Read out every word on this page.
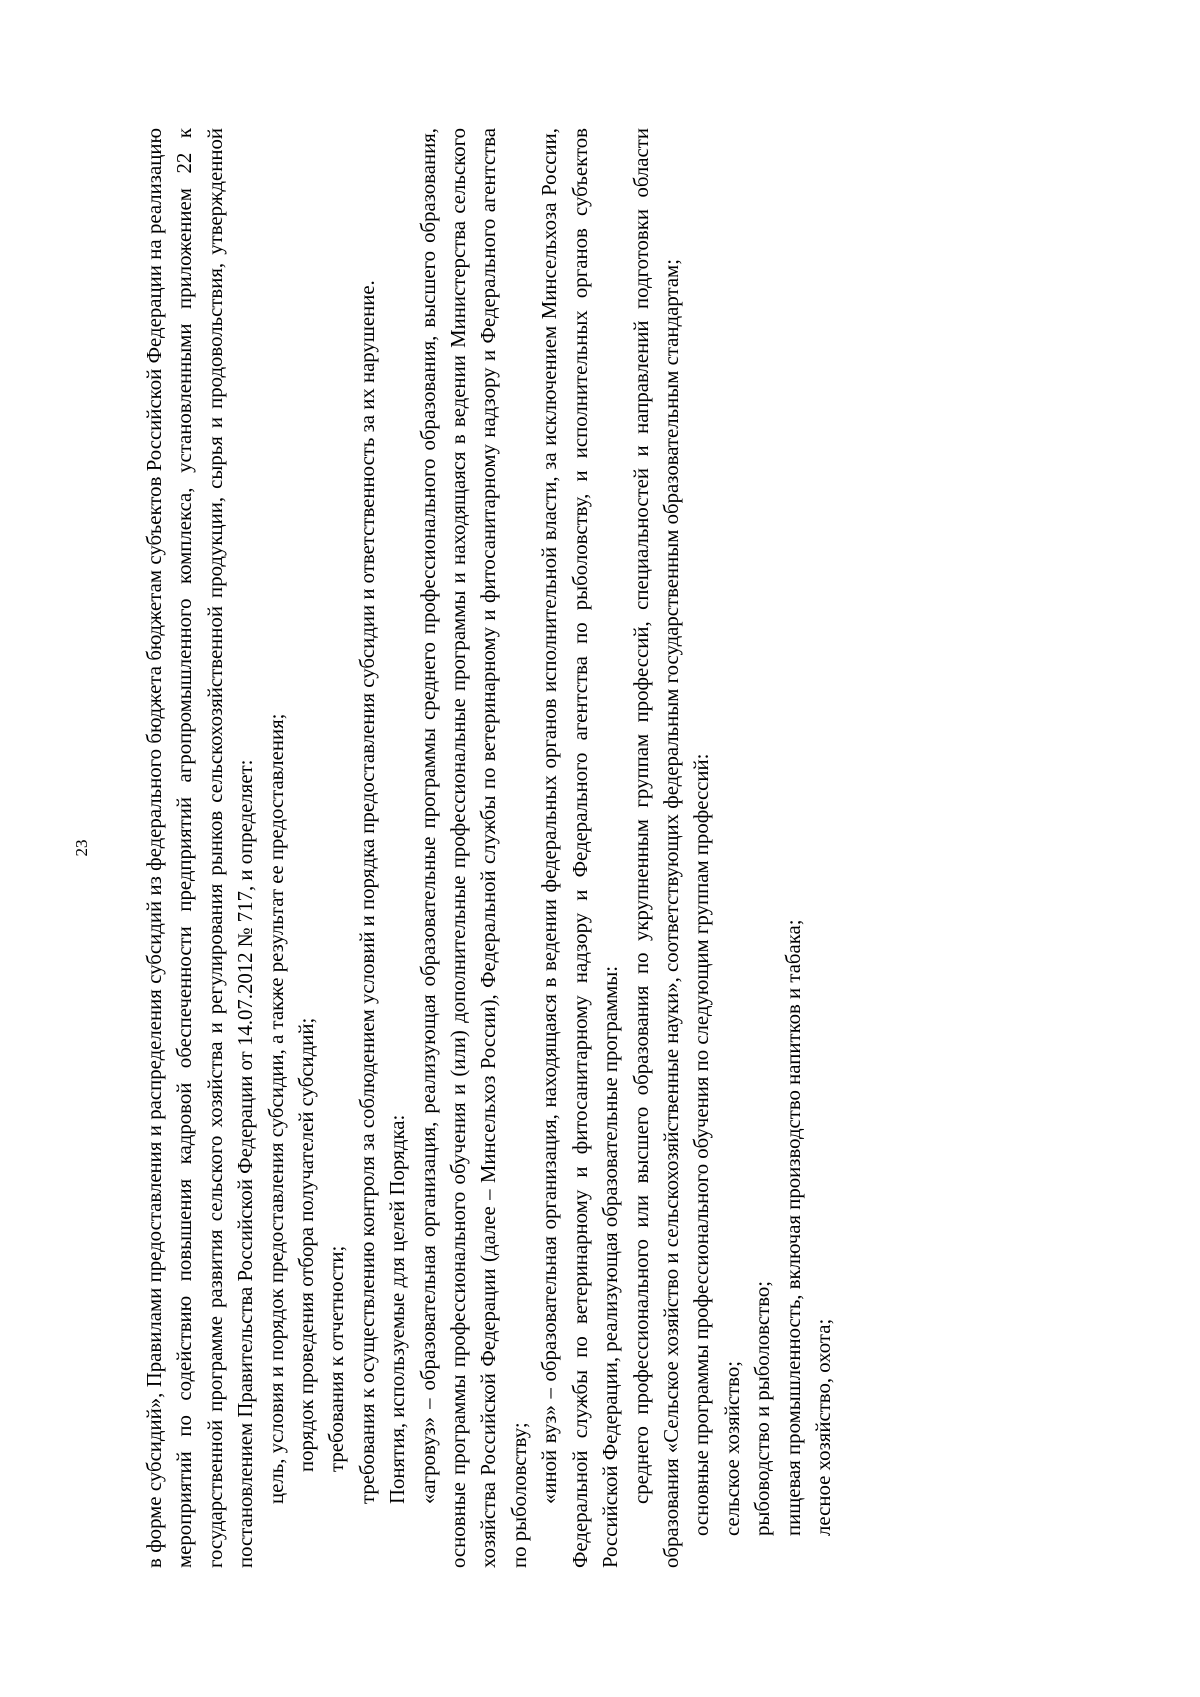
23	в форме субсидий», Правилами предоставления и распределения субсидий из федерального бюджета бюджетам субъектов Российской Федерации на реализацию мероприятий по содействию повышения кадровой обеспеченности предприятий агропромышленного комплекса, установленными приложением 22 к государственной программе развития сельского хозяйства и регулирования рынков сельскохозяйственной продукции, сырья и продовольствия, утвержденной постановлением Правительства Российской Федерации от 14.07.2012 № 717, и определяет: цель, условия и порядок предоставления субсидии, а также результат ее предоставления; порядок проведения отбора получателей субсидий; требования к отчетности; требования к осуществлению контроля за соблюдением условий и порядка предоставления субсидии и ответственность за их нарушение. Понятия, используемые для целей Порядка: «агровуз» – образовательная организация, реализующая образовательные программы среднего профессионального образования, высшего образования, основные программы профессионального обучения и (или) дополнительные профессиональные программы и находящаяся в ведении Министерства сельского хозяйства Российской Федерации (далее – Минсельхоз России), Федеральной службы по ветеринарному и фитосанитарному надзору и Федерального агентства по рыболовству; «иной вуз» – образовательная организация, находящаяся в ведении федеральных органов исполнительной власти, за исключением Минсельхоза России, Федеральной службы по ветеринарному и фитосанитарному надзору и Федерального агентства по рыболовству, и исполнительных органов субъектов Российской Федерации, реализующая образовательные программы: среднего профессионального или высшего образования по укрупненным группам профессий, специальностей и направлений подготовки области образования «Сельское хозяйство и сельскохозяйственные науки», соответствующих федеральным государственным образовательным стандартам; основные программы профессионального обучения по следующим группам профессий: сельское хозяйство; рыбоводство и рыболовство; пищевая промышленность, включая производство напитков и табака; лесное хозяйство, охота;
